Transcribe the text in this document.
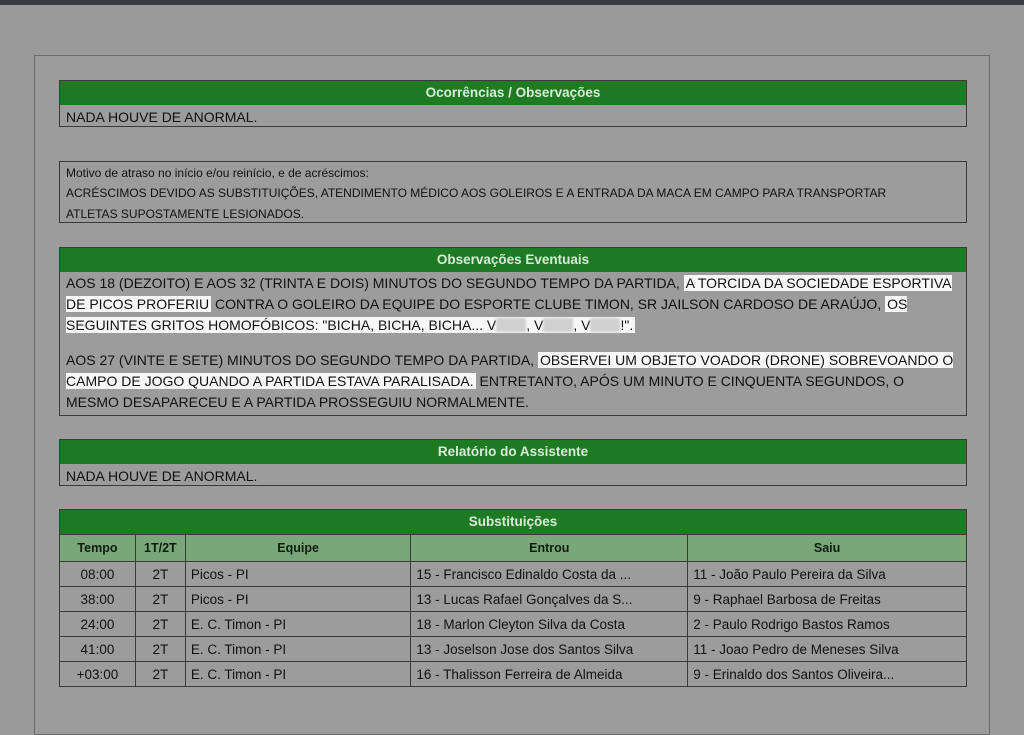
Ocorrências / Observações
NADA HOUVE DE ANORMAL.
Motivo de atraso no início e/ou reinício, e de acréscimos:
ACRÉSCIMOS DEVIDO AS SUBSTITUIÇÕES, ATENDIMENTO MÉDICO AOS GOLEIROS E A ENTRADA DA MACA EM CAMPO PARA TRANSPORTAR
ATLETAS SUPOSTAMENTE LESIONADOS.
Observações Eventuais
AOS 18 (DEZOITO) E AOS 32 (TRINTA E DOIS) MINUTOS DO SEGUNDO TEMPO DA PARTIDA, A TORCIDA DA SOCIEDADE ESPORTIVA DE PICOS PROFERIU CONTRA O GOLEIRO DA EQUIPE DO ESPORTE CLUBE TIMON, SR JAILSON CARDOSO DE ARAÚJO, OS SEGUINTES GRITOS HOMOFÓBICOS: "BICHA, BICHA, BICHA... V , V , V !".
AOS 27 (VINTE E SETE) MINUTOS DO SEGUNDO TEMPO DA PARTIDA, OBSERVEI UM OBJETO VOADOR (DRONE) SOBREVOANDO O CAMPO DE JOGO QUANDO A PARTIDA ESTAVA PARALISADA. ENTRETANTO, APÓS UM MINUTO E CINQUENTA SEGUNDOS, O MESMO DESAPARECEU E A PARTIDA PROSSEGUIU NORMALMENTE.
Relatório do Assistente
NADA HOUVE DE ANORMAL.
Substituições
Tempo	1T/2T	Equipe	Entrou	Saiu
08:00	2T	Picos - PI	15 - Francisco Edinaldo Costa da ...	11 - João Paulo Pereira da Silva
38:00	2T	Picos - PI	13 - Lucas Rafael Gonçalves da S...	9 - Raphael Barbosa de Freitas
24:00	2T	E. C. Timon - PI	18 - Marlon Cleyton Silva da Costa	2 - Paulo Rodrigo Bastos Ramos
41:00	2T	E. C. Timon - PI	13 - Joselson Jose dos Santos Silva	11 - Joao Pedro de Meneses Silva
+03:00	2T	E. C. Timon - PI	16 - Thalisson Ferreira de Almeida	9 - Erinaldo dos Santos Oliveira...
